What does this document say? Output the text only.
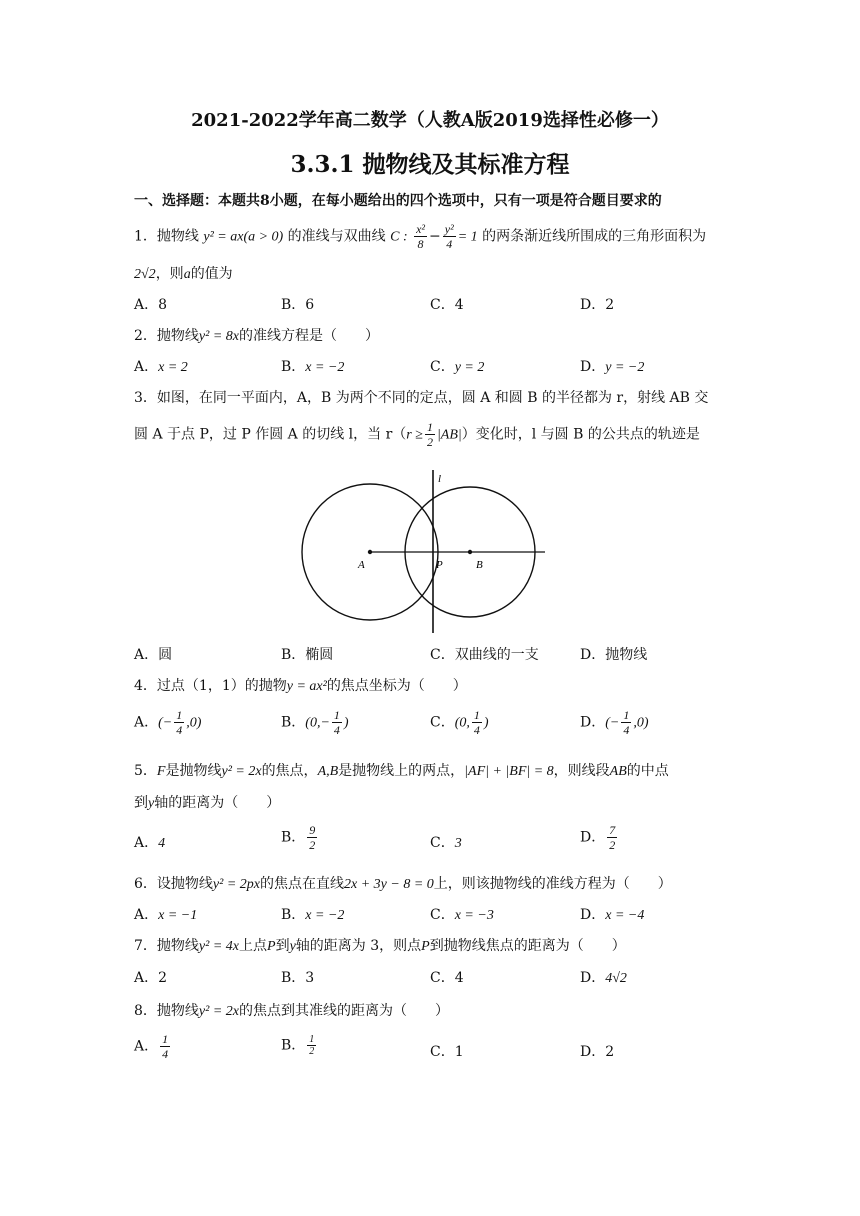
2021-2022学年高二数学（人教A版2019选择性必修一）
3.3.1 抛物线及其标准方程
一、选择题：本题共8小题，在每小题给出的四个选项中，只有一项是符合题目要求的
1．抛物线 y² = ax(a > 0) 的准线与双曲线 C : $\frac{\text{x²}}{8} - \frac{\text{y²}}{4} = 1$ 的两条渐近线所围成的三角形面积为
2√2，则a的值为
A．8	B．6	C．4	D．2
2．抛物线y² = 8x的准线方程是（　　）
A．x = 2	B．x = −2	C．y = 2	D．y = −2
3．如图，在同一平面内，A，B 为两个不同的定点，圆 A 和圆 B 的半径都为 r，射线 AB 交
圆 A 于点 P，过 P 作圆 A 的切线 l，当 $r(r \ge \frac{1}{2} |AB|)$变化时，l 与圆 B 的公共点的轨迹是
l
A	P	B
A．圆	B．椭圆	C．双曲线的一支	D．抛物线
4．过点（1，1）的抛物y = ax²的焦点坐标为（　　）
A．(− $\frac{1}{4} ,0$)	B．($0,- \frac{1}{4}$ )	C．(0, $\frac{1}{4}$ )	D．(− $\frac{1}{4} ,0$)
5．F是抛物线y² = 2x的焦点，A,B是抛物线上的两点，|AF| + |BF| = 8，则线段AB的中点
到y轴的距离为（　　）
A．4	B． $\frac{9}{2}$	C．3	D． $\frac{7}{2}$
6．设抛物线y² = 2px的焦点在直线2x + 3y − 8 = 0上，则该抛物线的准线方程为（　　）
A．x = −1	B．x = −2	C．x = −3	D．x = −4
7．抛物线y² = 4x上点P到y轴的距离为 3，则点P到抛物线焦点的距离为（　　）
A．2	B．3	C．4	D．4√2
8．抛物线y² = 2x的焦点到其准线的距离为（　　）
A． $\frac{1}{4}$	B． $\frac{1}{2}$	C．1	D．2
